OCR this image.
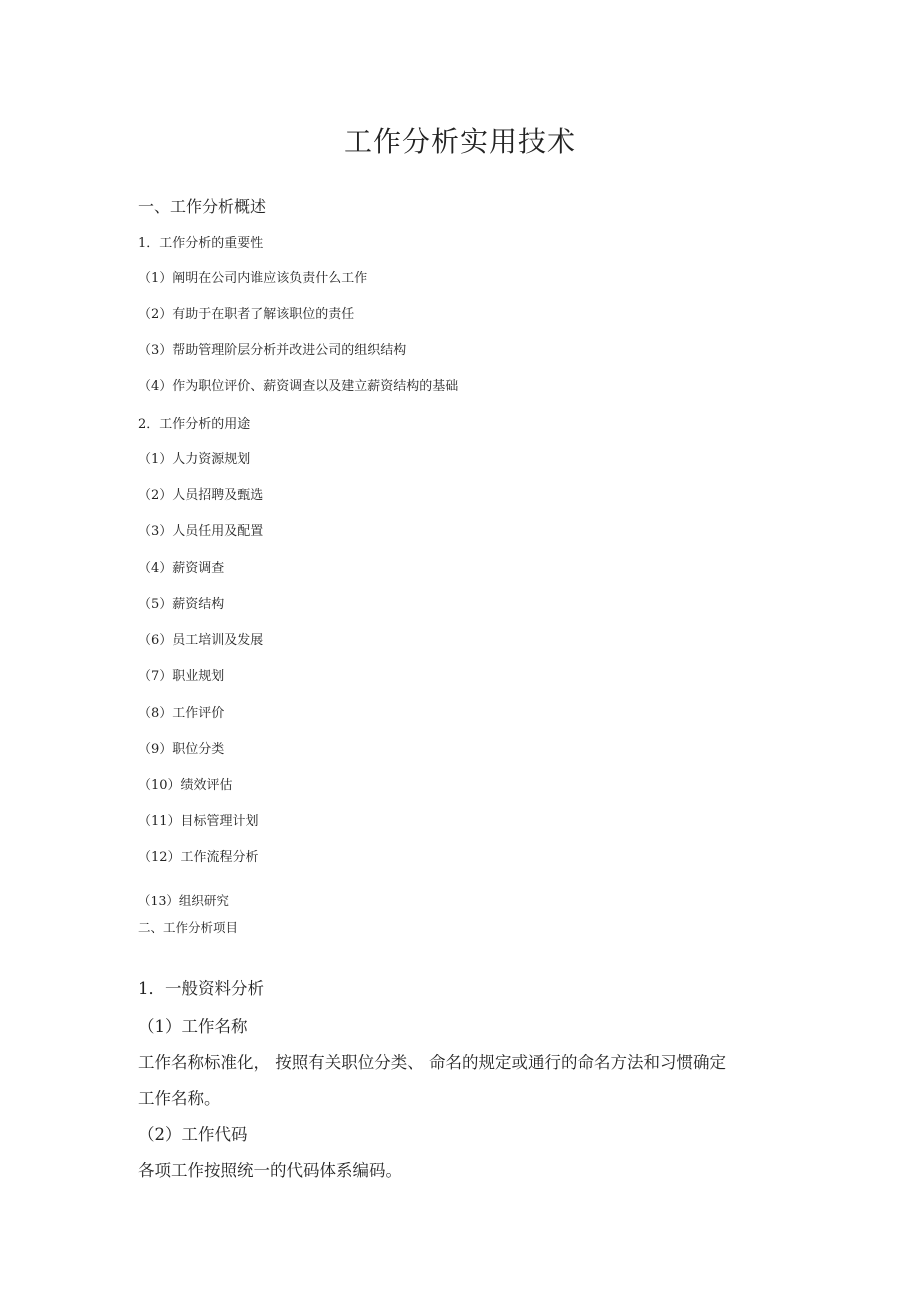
工作分析实用技术
一、工作分析概述
1．工作分析的重要性
（1）阐明在公司内谁应该负责什么工作
（2）有助于在职者了解该职位的责任
（3）帮助管理阶层分析并改进公司的组织结构
（4）作为职位评价、薪资调查以及建立薪资结构的基础
2．工作分析的用途
（1）人力资源规划
（2）人员招聘及甄选
（3）人员任用及配置
（4）薪资调查
（5）薪资结构
（6）员工培训及发展
（7）职业规划
（8）工作评价
（9）职位分类
（10）绩效评估
（11）目标管理计划
（12）工作流程分析
（13）组织研究
二、工作分析项目
1．一般资料分析
（1）工作名称
工作名称标准化， 按照有关职位分类、 命名的规定或通行的命名方法和习惯确定
工作名称。
（2）工作代码
各项工作按照统一的代码体系编码。
